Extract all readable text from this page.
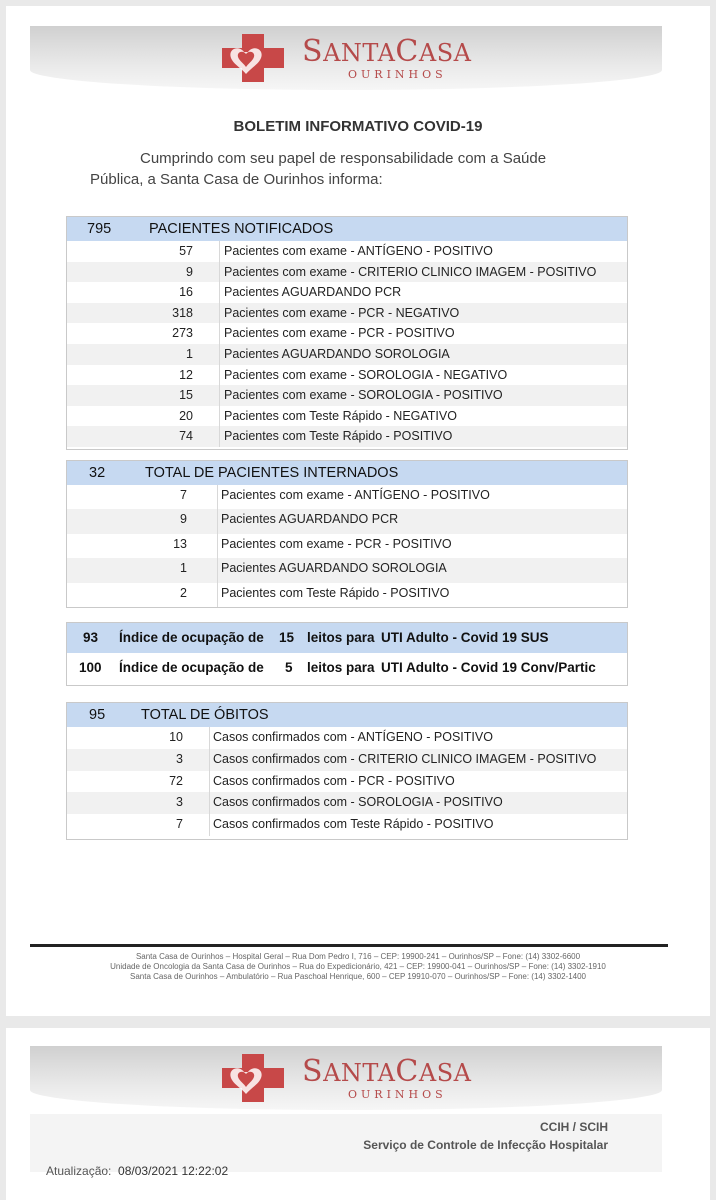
SANTACASA
OURINHOS
BOLETIM INFORMATIVO COVID-19
Cumprindo com seu papel de responsabilidade com a Saúde
Pública, a Santa Casa de Ourinhos informa:
795	PACIENTES NOTIFICADOS
57 Pacientes com exame - ANTÍGENO - POSITIVO
9 Pacientes com exame - CRITERIO CLINICO IMAGEM - POSITIVO
16 Pacientes AGUARDANDO PCR
318 Pacientes com exame - PCR - NEGATIVO
273 Pacientes com exame - PCR - POSITIVO
1 Pacientes AGUARDANDO SOROLOGIA
12 Pacientes com exame - SOROLOGIA - NEGATIVO
15 Pacientes com exame - SOROLOGIA - POSITIVO
20 Pacientes com Teste Rápido - NEGATIVO
74 Pacientes com Teste Rápido - POSITIVO
32	TOTAL DE PACIENTES INTERNADOS
7	Pacientes com exame - ANTÍGENO - POSITIVO
9	Pacientes AGUARDANDO PCR
13	Pacientes com exame - PCR - POSITIVO
1	Pacientes AGUARDANDO SOROLOGIA
2	Pacientes com Teste Rápido - POSITIVO
93 Índice de ocupação de 15 leitos para UTI Adulto - Covid 19 SUS
100 Índice de ocupação de 5 leitos para UTI Adulto - Covid 19 Conv/Partic
95 TOTAL DE ÓBITOS
10 Casos confirmados com - ANTÍGENO - POSITIVO
3 Casos confirmados com - CRITERIO CLINICO IMAGEM - POSITIVO
72 Casos confirmados com - PCR - POSITIVO
3 Casos confirmados com - SOROLOGIA - POSITIVO
7 Casos confirmados com Teste Rápido - POSITIVO
Santa Casa de Ourinhos – Hospital Geral – Rua Dom Pedro I, 716 – CEP: 19900-241 – Ourinhos/SP – Fone: (14) 3302-6600
Unidade de Oncologia da Santa Casa de Ourinhos – Rua do Expedicionário, 421 – CEP: 19900-041 – Ourinhos/SP – Fone: (14) 3302-1910
Santa Casa de Ourinhos – Ambulatório – Rua Paschoal Henrique, 600 – CEP 19910-070 – Ourinhos/SP – Fone: (14) 3302-1400
SANTACASA
OURINHOS
CCIH / SCIH
Serviço de Controle de Infecção Hospitalar
Atualização: 08/03/2021 12:22:02
